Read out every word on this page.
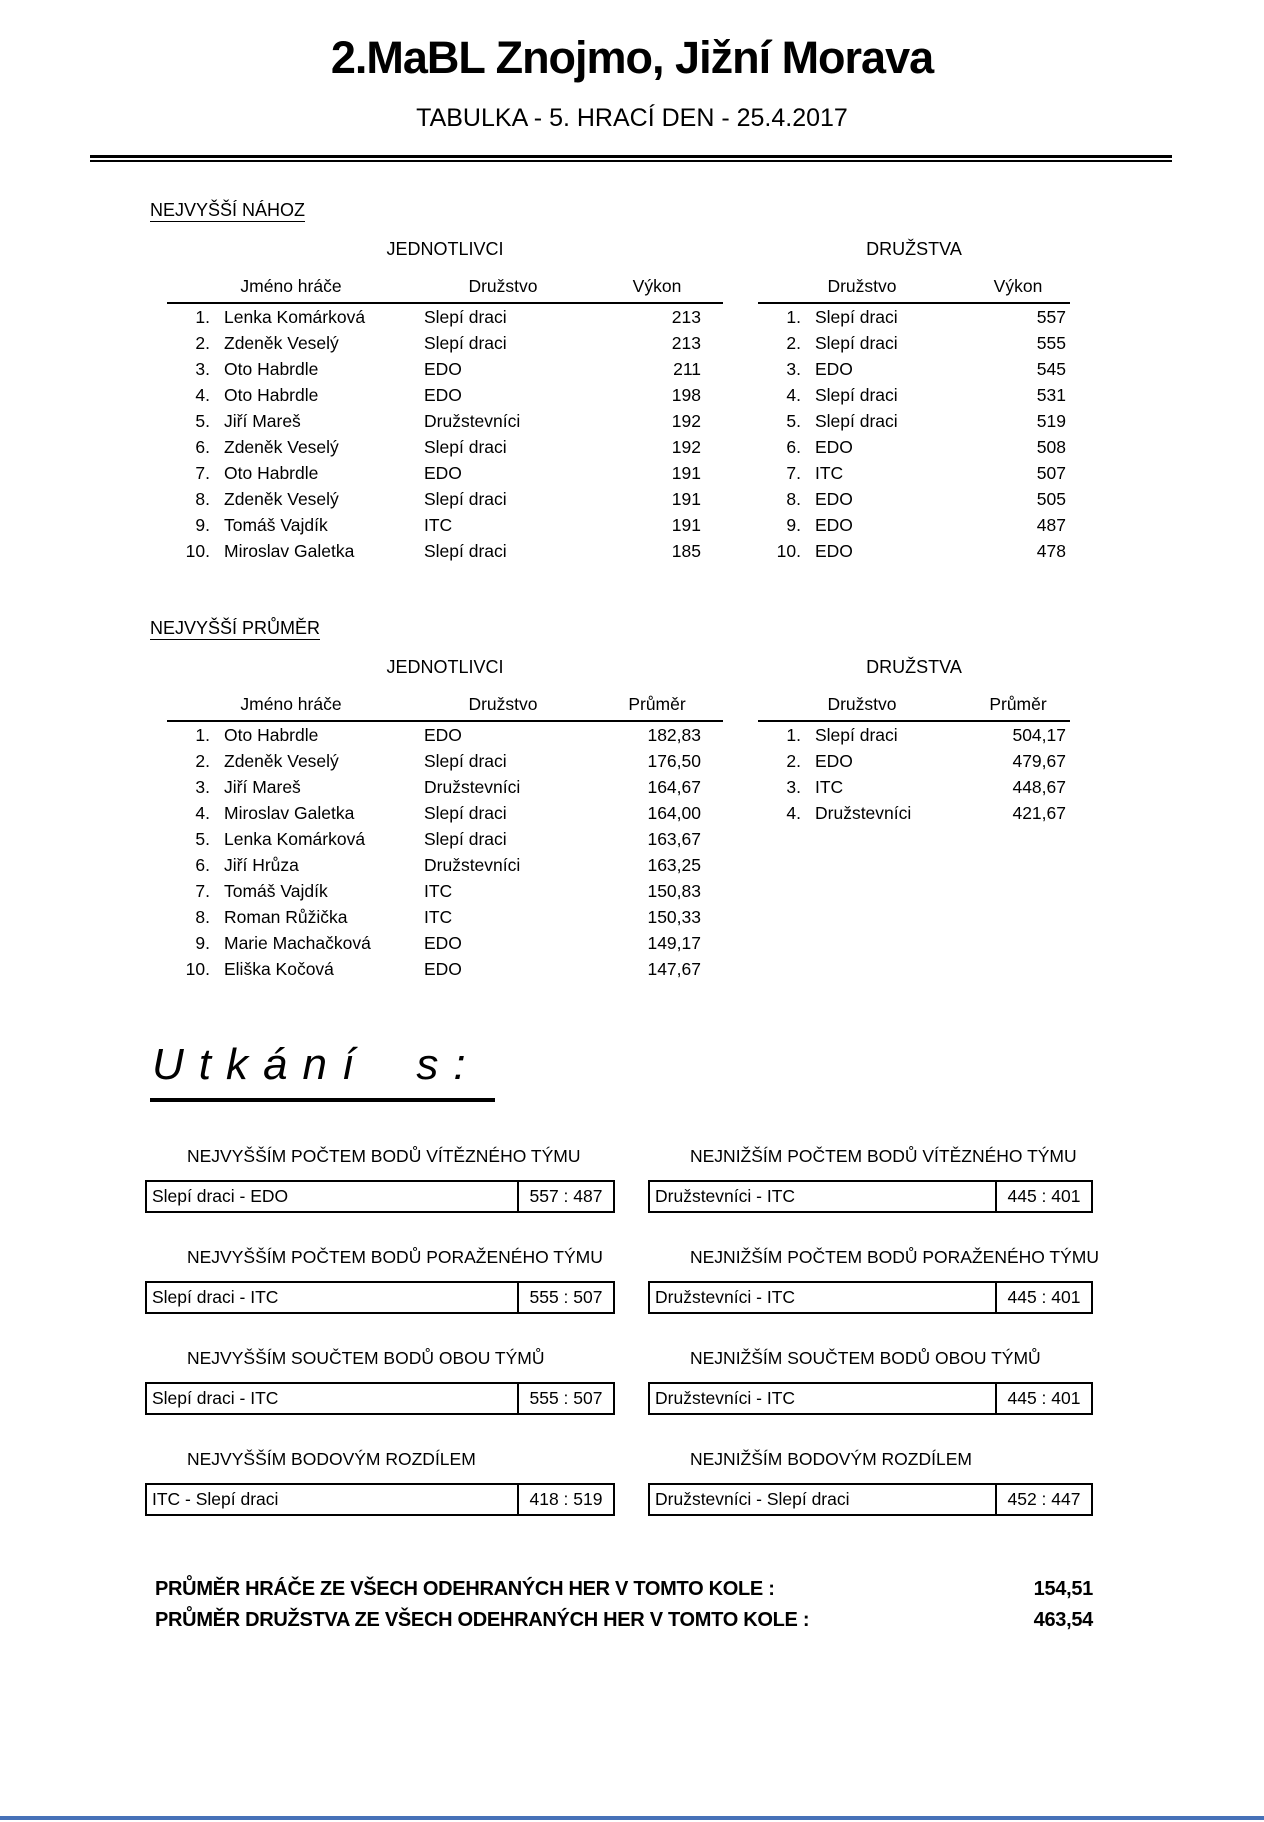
2.MaBL Znojmo, Jižní Morava
TABULKA - 5. HRACÍ DEN - 25.4.2017
NEJVYŠŠÍ NÁHOZ
JEDNOTLIVCI
Jméno hráče	Družstvo	Výkon
1. Lenka Komárková	Slepí draci	213
2. Zdeněk Veselý	Slepí draci	213
3. Oto Habrdle	EDO	211
4. Oto Habrdle	EDO	198
5. Jiří Mareš	Družstevníci	192
6. Zdeněk Veselý	Slepí draci	192
7. Oto Habrdle	EDO	191
8. Zdeněk Veselý	Slepí draci	191
9. Tomáš Vajdík	ITC	191
10. Miroslav Galetka	Slepí draci	185
DRUŽSTVA
Družstvo	Výkon
1. Slepí draci	557
2. Slepí draci	555
3. EDO	545
4. Slepí draci	531
5. Slepí draci	519
6. EDO	508
7. ITC	507
8. EDO	505
9. EDO	487
10. EDO	478
NEJVYŠŠÍ PRŮMĚR
JEDNOTLIVCI
Jméno hráče	Družstvo	Průměr
1. Oto Habrdle	EDO	182,83
2. Zdeněk Veselý	Slepí draci	176,50
3. Jiří Mareš	Družstevníci	164,67
4. Miroslav Galetka	Slepí draci	164,00
5. Lenka Komárková	Slepí draci	163,67
6. Jiří Hrůza	Družstevníci	163,25
7. Tomáš Vajdík	ITC	150,83
8. Roman Růžička	ITC	150,33
9. Marie Machačková	EDO	149,17
10. Eliška Kočová	EDO	147,67
DRUŽSTVA
Družstvo	Průměr
1. Slepí draci	504,17
2. EDO	479,67
3. ITC	448,67
4. Družstevníci	421,67
Utkání s:
NEJVYŠŠÍM POČTEM BODŮ VÍTĚZNÉHO TÝMU
Slepí draci - EDO	557 : 487
NEJNIŽŠÍM POČTEM BODŮ VÍTĚZNÉHO TÝMU
Družstevníci - ITC	445 : 401
NEJVYŠŠÍM POČTEM BODŮ PORAŽENÉHO TÝMU
Slepí draci - ITC	555 : 507
NEJNIŽŠÍM POČTEM BODŮ PORAŽENÉHO TÝMU
Družstevníci - ITC	445 : 401
NEJVYŠŠÍM SOUČTEM BODŮ OBOU TÝMŮ
Slepí draci - ITC	555 : 507
NEJNIŽŠÍM SOUČTEM BODŮ OBOU TÝMŮ
Družstevníci - ITC	445 : 401
NEJVYŠŠÍM BODOVÝM ROZDÍLEM
ITC - Slepí draci	418 : 519
NEJNIŽŠÍM BODOVÝM ROZDÍLEM
Družstevníci - Slepí draci	452 : 447
PRŮMĚR HRÁČE ZE VŠECH ODEHRANÝCH HER V TOMTO KOLE :	154,51
PRŮMĚR DRUŽSTVA ZE VŠECH ODEHRANÝCH HER V TOMTO KOLE :	463,54
